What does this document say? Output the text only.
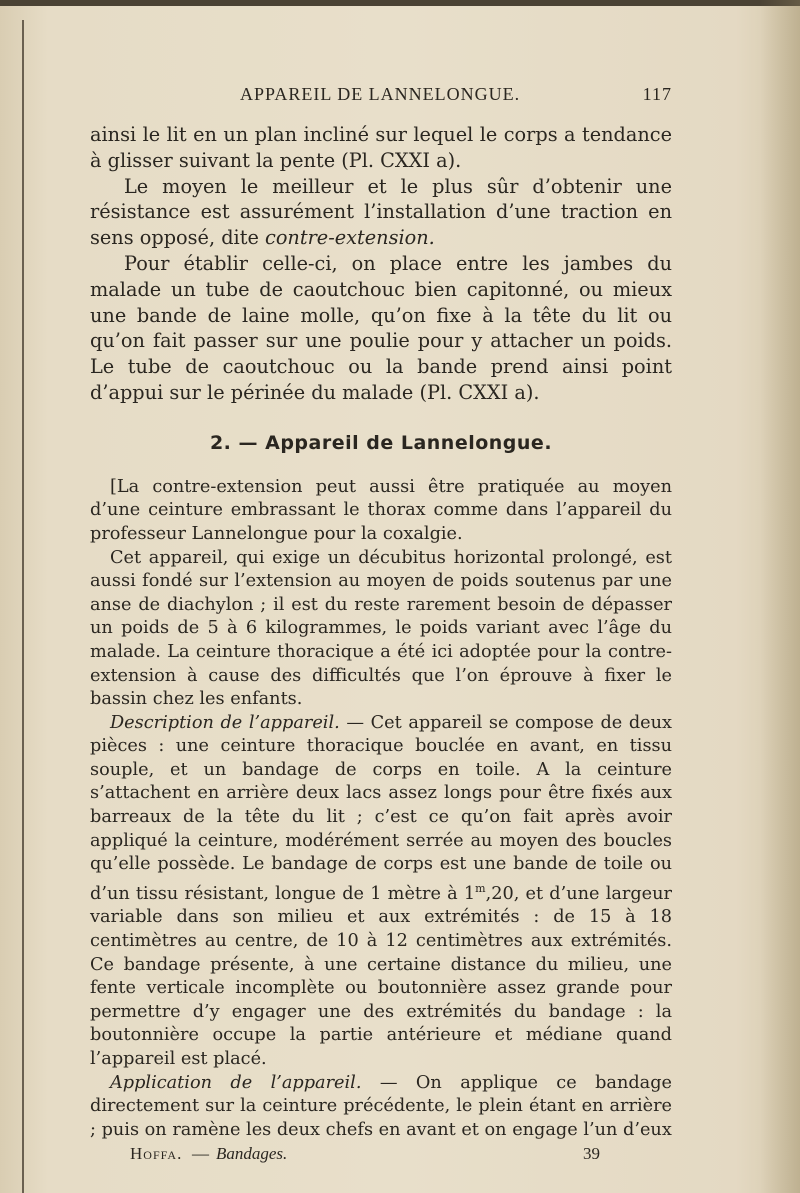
APPAREIL DE LANNELONGUE.	117

ainsi le lit en un plan incliné sur lequel le corps a tendance à glisser suivant la pente (Pl. CXXI a).

Le moyen le meilleur et le plus sûr d’obtenir une résistance est assurément l’installation d’une traction en sens opposé, dite contre-extension.

Pour établir celle-ci, on place entre les jambes du malade un tube de caoutchouc bien capitonné, ou mieux une bande de laine molle, qu’on fixe à la tête du lit ou qu’on fait passer sur une poulie pour y attacher un poids. Le tube de caoutchouc ou la bande prend ainsi point d’appui sur le périnée du malade (Pl. CXXI a).

2. — Appareil de Lannelongue.

[La contre-extension peut aussi être pratiquée au moyen d’une ceinture embrassant le thorax comme dans l’appareil du professeur Lannelongue pour la coxalgie.

Cet appareil, qui exige un décubitus horizontal prolongé, est aussi fondé sur l’extension au moyen de poids soutenus par une anse de diachylon ; il est du reste rarement besoin de dépasser un poids de 5 à 6 kilogrammes, le poids variant avec l’âge du malade. La ceinture thoracique a été ici adoptée pour la contre-extension à cause des difficultés que l’on éprouve à fixer le bassin chez les enfants.

Description de l’appareil. — Cet appareil se compose de deux pièces : une ceinture thoracique bouclée en avant, en tissu souple, et un bandage de corps en toile. A la ceinture s’attachent en arrière deux lacs assez longs pour être fixés aux barreaux de la tête du lit ; c’est ce qu’on fait après avoir appliqué la ceinture, modérément serrée au moyen des boucles qu’elle possède. Le bandage de corps est une bande de toile ou d’un tissu résistant, longue de 1 mètre à 1$^m$,20, et d’une largeur variable dans son milieu et aux extrémités : de 15 à 18 centimètres au centre, de 10 à 12 centimètres aux extrémités. Ce bandage présente, à une certaine distance du milieu, une fente verticale incomplète ou boutonnière assez grande pour permettre d’y engager une des extrémités du bandage : la boutonnière occupe la partie antérieure et médiane quand l’appareil est placé.

Application de l’appareil. — On applique ce bandage directement sur la ceinture précédente, le plein étant en arrière ; puis on ramène les deux chefs en avant et on engage l’un d’eux

Hoffa. — Bandages.	39
